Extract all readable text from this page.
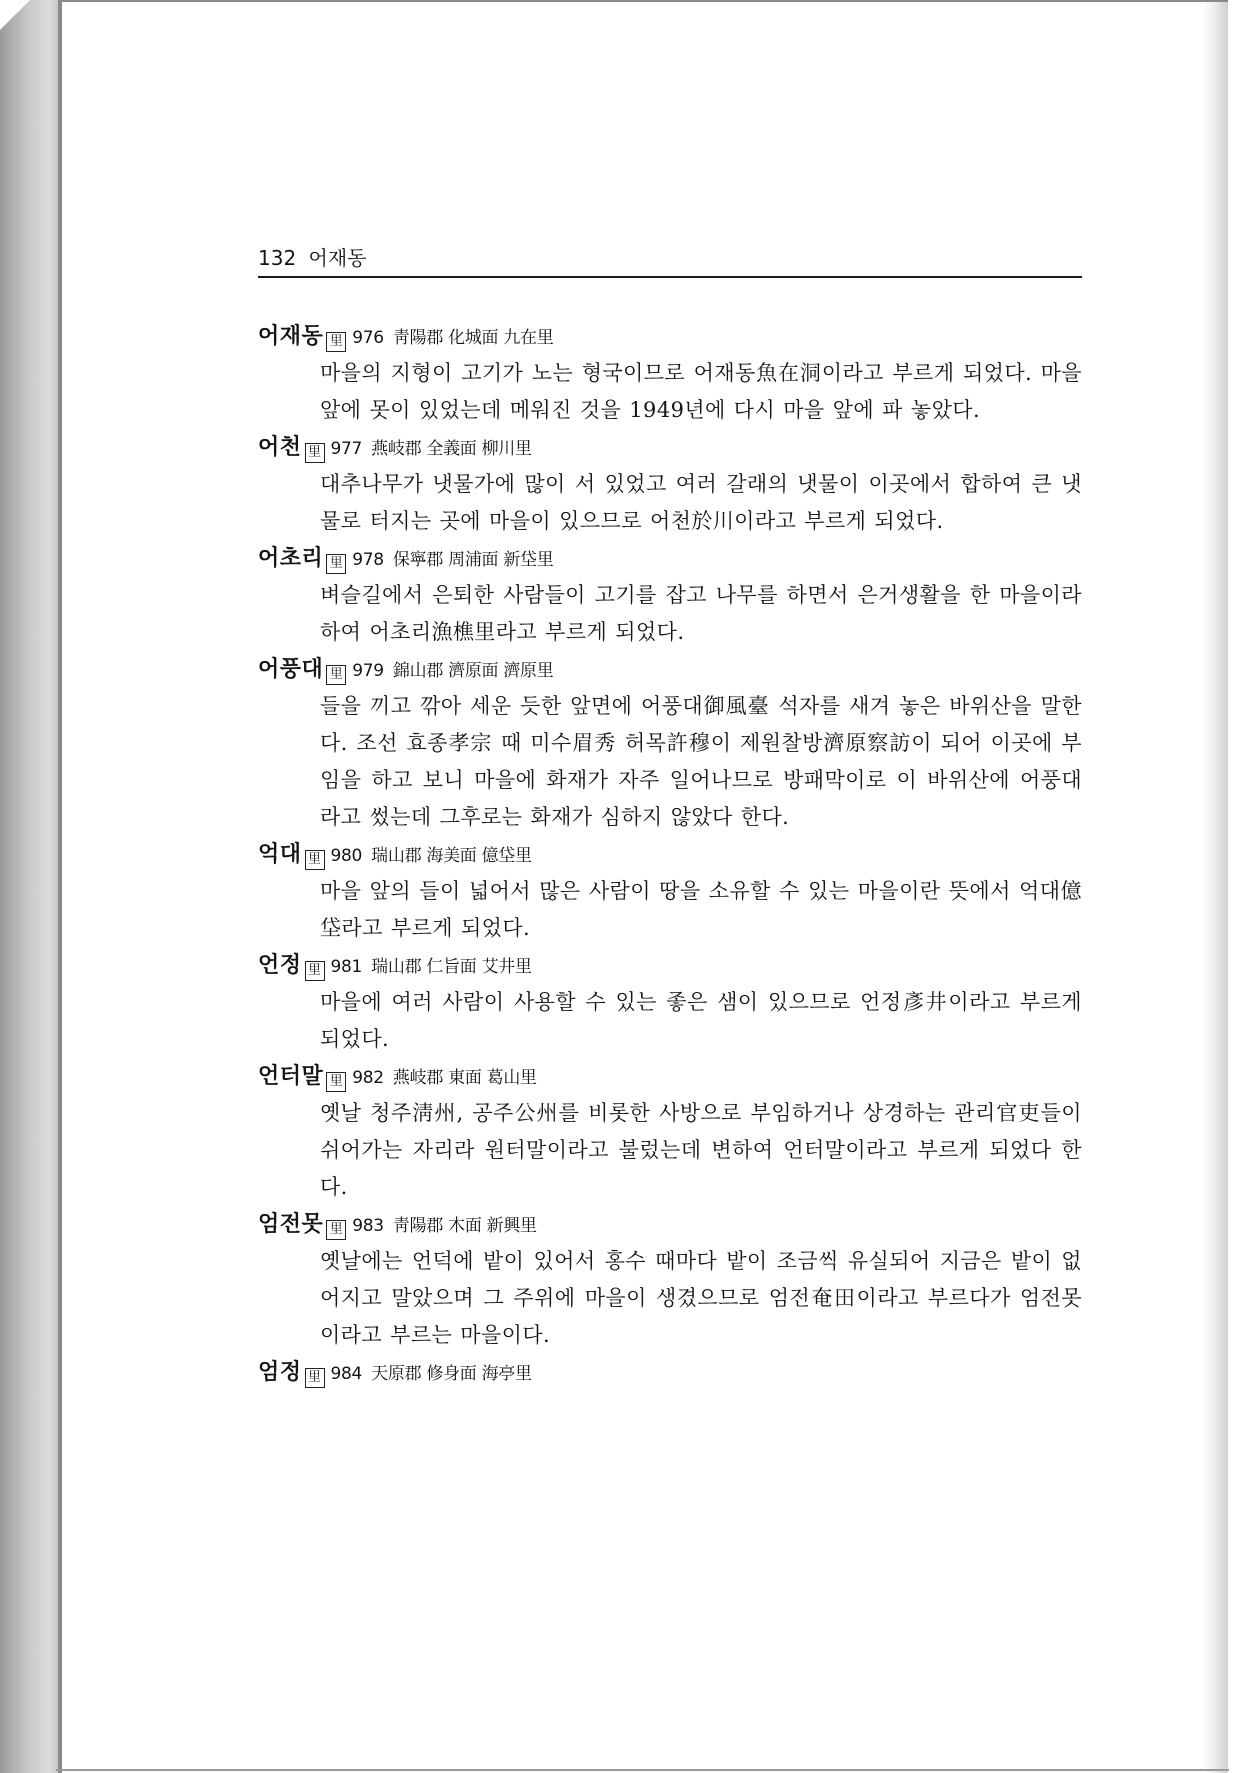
132 어재동
어재동 里 976 靑陽郡 化城面 九在里
마을의 지형이 고기가 노는 형국이므로 어재동魚在洞이라고 부르게 되었다. 마을 앞에 못이 있었는데 메워진 것을 1949년에 다시 마을 앞에 파 놓았다.
어천 里 977 燕岐郡 全義面 柳川里
대추나무가 냇물가에 많이 서 있었고 여러 갈래의 냇물이 이곳에서 합하여 큰 냇물로 터지는 곳에 마을이 있으므로 어천於川이라고 부르게 되었다.
어초리 里 978 保寧郡 周浦面 新垈里
벼슬길에서 은퇴한 사람들이 고기를 잡고 나무를 하면서 은거생활을 한 마을이라 하여 어초리漁樵里라고 부르게 되었다.
어풍대 里 979 錦山郡 濟原面 濟原里
들을 끼고 깎아 세운 듯한 앞면에 어풍대御風臺 석자를 새겨 놓은 바위산을 말한다. 조선 효종孝宗 때 미수眉秀 허목許穆이 제원찰방濟原察訪이 되어 이곳에 부임을 하고 보니 마을에 화재가 자주 일어나므로 방패막이로 이 바위산에 어풍대라고 썼는데 그후로는 화재가 심하지 않았다 한다.
억대 里 980 瑞山郡 海美面 億垈里
마을 앞의 들이 넓어서 많은 사람이 땅을 소유할 수 있는 마을이란 뜻에서 억대億垈라고 부르게 되었다.
언정 里 981 瑞山郡 仁旨面 艾井里
마을에 여러 사람이 사용할 수 있는 좋은 샘이 있으므로 언정彥井이라고 부르게 되었다.
언터말 里 982 燕岐郡 東面 葛山里
옛날 청주淸州, 공주公州를 비롯한 사방으로 부임하거나 상경하는 관리官吏들이 쉬어가는 자리라 원터말이라고 불렀는데 변하여 언터말이라고 부르게 되었다 한다.
엄전못 里 983 靑陽郡 木面 新興里
옛날에는 언덕에 밭이 있어서 홍수 때마다 밭이 조금씩 유실되어 지금은 밭이 없어지고 말았으며 그 주위에 마을이 생겼으므로 엄전奄田이라고 부르다가 엄전못이라고 부르는 마을이다.
엄정 里 984 天原郡 修身面 海亭里
